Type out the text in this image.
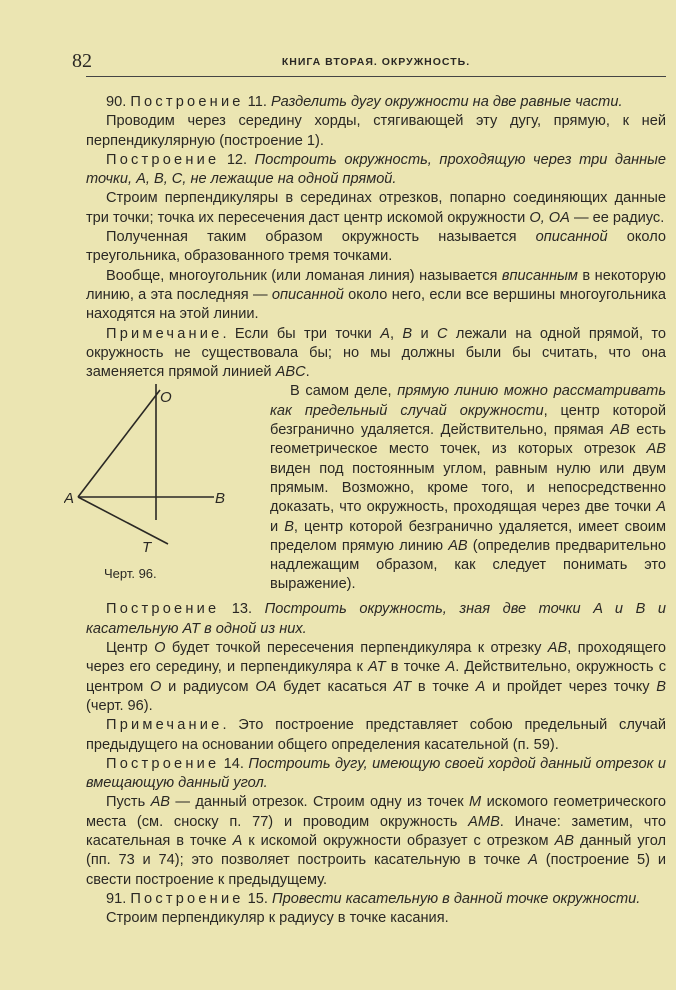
82	КНИГА ВТОРАЯ. ОКРУЖНОСТЬ.

90. Построение 11. Разделить дугу окружности на две равные части.

Проводим через середину хорды, стягивающей эту дугу, прямую, к ней перпендикулярную (построение 1).

Построение 12. Построить окружность, проходящую через три данные точки, A, B, C, не лежащие на одной прямой.

Строим перпендикуляры в серединах отрезков, попарно соединяющих данные три точки; точка их пересечения даст центр искомой окружности O, OA — ее радиус.

Полученная таким образом окружность называется описанной около треугольника, образованного тремя точками.

Вообще, многоугольник (или ломаная линия) называется вписанным в некоторую линию, а эта последняя — описанной около него, если все вершины многоугольника находятся на этой линии.

Примечание. Если бы три точки A, B и C лежали на одной прямой, то окружность не существовала бы; но мы должны были бы считать, что она заменяется прямой линией ABC.

O
A	B
T
Черт. 96.

В самом деле, прямую линию можно рассматривать как предельный случай окружности, центр которой безгранично удаляется. Действительно, прямая AB есть геометрическое место точек, из которых отрезок AB виден под постоянным углом, равным нулю или двум прямым. Возможно, кроме того, и непосредственно доказать, что окружность, проходящая через две точки A и B, центр которой безгранично удаляется, имеет своим пределом прямую линию AB (определив предварительно надлежащим образом, как следует понимать это выражение).

Построение 13. Построить окружность, зная две точки A и B и касательную AT в одной из них.

Центр O будет точкой пересечения перпендикуляра к отрезку AB, проходящего через его середину, и перпендикуляра к AT в точке A. Действительно, окружность с центром O и радиусом OA будет касаться AT в точке A и пройдет через точку B (черт. 96).

Примечание. Это построение представляет собою предельный случай предыдущего на основании общего определения касательной (п. 59).

Построение 14. Построить дугу, имеющую своей хордой данный отрезок и вмещающую данный угол.

Пусть AB — данный отрезок. Строим одну из точек M искомого геометрического места (см. сноску п. 77) и проводим окружность AMB. Иначе: заметим, что касательная в точке A к искомой окружности образует с отрезком AB данный угол (пп. 73 и 74); это позволяет построить касательную в точке A (построение 5) и свести построение к предыдущему.

91. Построение 15. Провести касательную в данной точке окружности.

Строим перпендикуляр к радиусу в точке касания.
